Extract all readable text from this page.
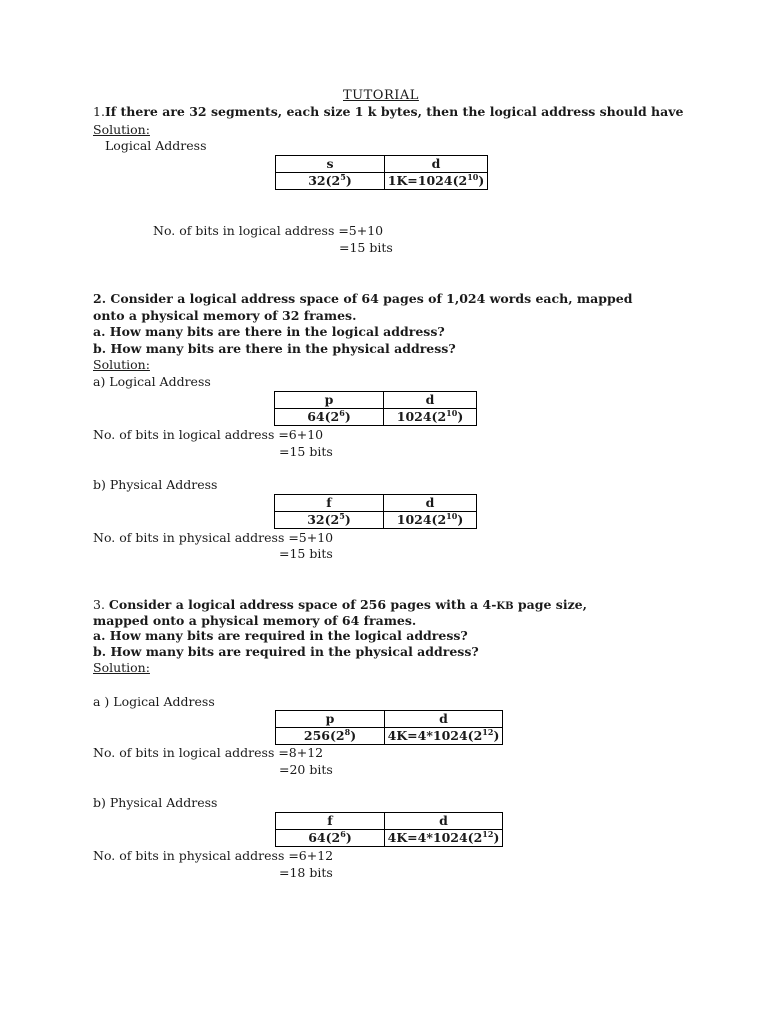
TUTORIAL
1.If there are 32 segments, each size 1 k bytes, then the logical address should have
Solution:
Logical Address
s	d
$32(2^5)$	$1K=1024(2^{10})$
No. of bits in logical address =5+10
=15 bits
2. Consider a logical address space of 64 pages of 1,024 words each, mapped
onto a physical memory of 32 frames.
a. How many bits are there in the logical address?
b. How many bits are there in the physical address?
Solution:
a) Logical Address
p	d
$64(2^6)$	$1024(2^{10})$
No. of bits in logical address =6+10
=15 bits
b) Physical Address
f	d
$32(2^5)$	$1024(2^{10})$
No. of bits in physical address =5+10
=15 bits
3. Consider a logical address space of 256 pages with a 4-KB page size,
mapped onto a physical memory of 64 frames.
a. How many bits are required in the logical address?
b. How many bits are required in the physical address?
Solution:
a ) Logical Address
p	d
$256(2^8)$	$4K=4*1024(2^{12})$
No. of bits in logical address =8+12
=20 bits
b) Physical Address
f	d
$64(2^6)$	$4K=4*1024(2^{12})$
No. of bits in physical address =6+12
=18 bits
